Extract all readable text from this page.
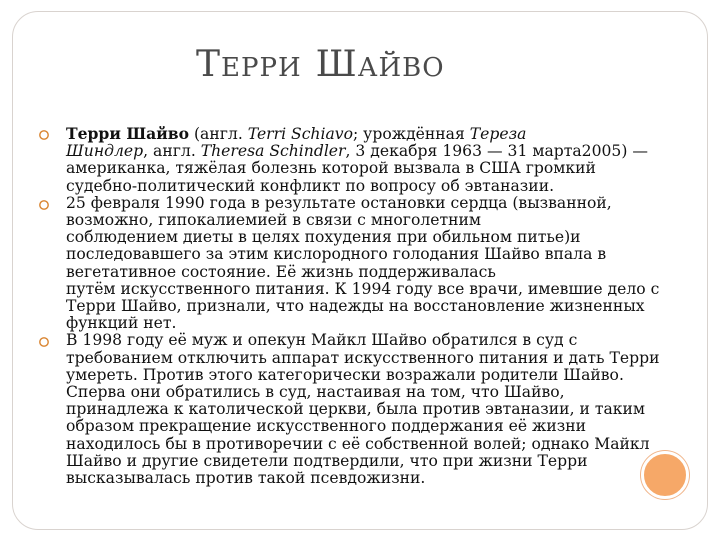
ТЕРРИ ШАЙВО
Терри Шайво (англ. Terri Schiavo; урождённая Тереза
Шиндлер, англ. Theresa Schindler, 3 декабря 1963 — 31 марта2005) —
американка, тяжёлая болезнь которой вызвала в США громкий
судебно-политический конфликт по вопросу об эвтаназии.
25 февраля 1990 года в результате остановки сердца (вызванной,
возможно, гипокалиемией в связи с многолетним
соблюдением диеты в целях похудения при обильном питье)и
последовавшего за этим кислородного голодания Шайво впала в
вегетативное состояние. Её жизнь поддерживалась
путём искусственного питания. К 1994 году все врачи, имевшие дело с
Терри Шайво, признали, что надежды на восстановление жизненных
функций нет.
В 1998 году её муж и опекун Майкл Шайво обратился в суд с
требованием отключить аппарат искусственного питания и дать Терри
умереть. Против этого категорически возражали родители Шайво.
Сперва они обратились в суд, настаивая на том, что Шайво,
принадлежа к католической церкви, была против эвтаназии, и таким
образом прекращение искусственного поддержания её жизни
находилось бы в противоречии с её собственной волей; однако Майкл
Шайво и другие свидетели подтвердили, что при жизни Терри
высказывалась против такой псевдожизни.
